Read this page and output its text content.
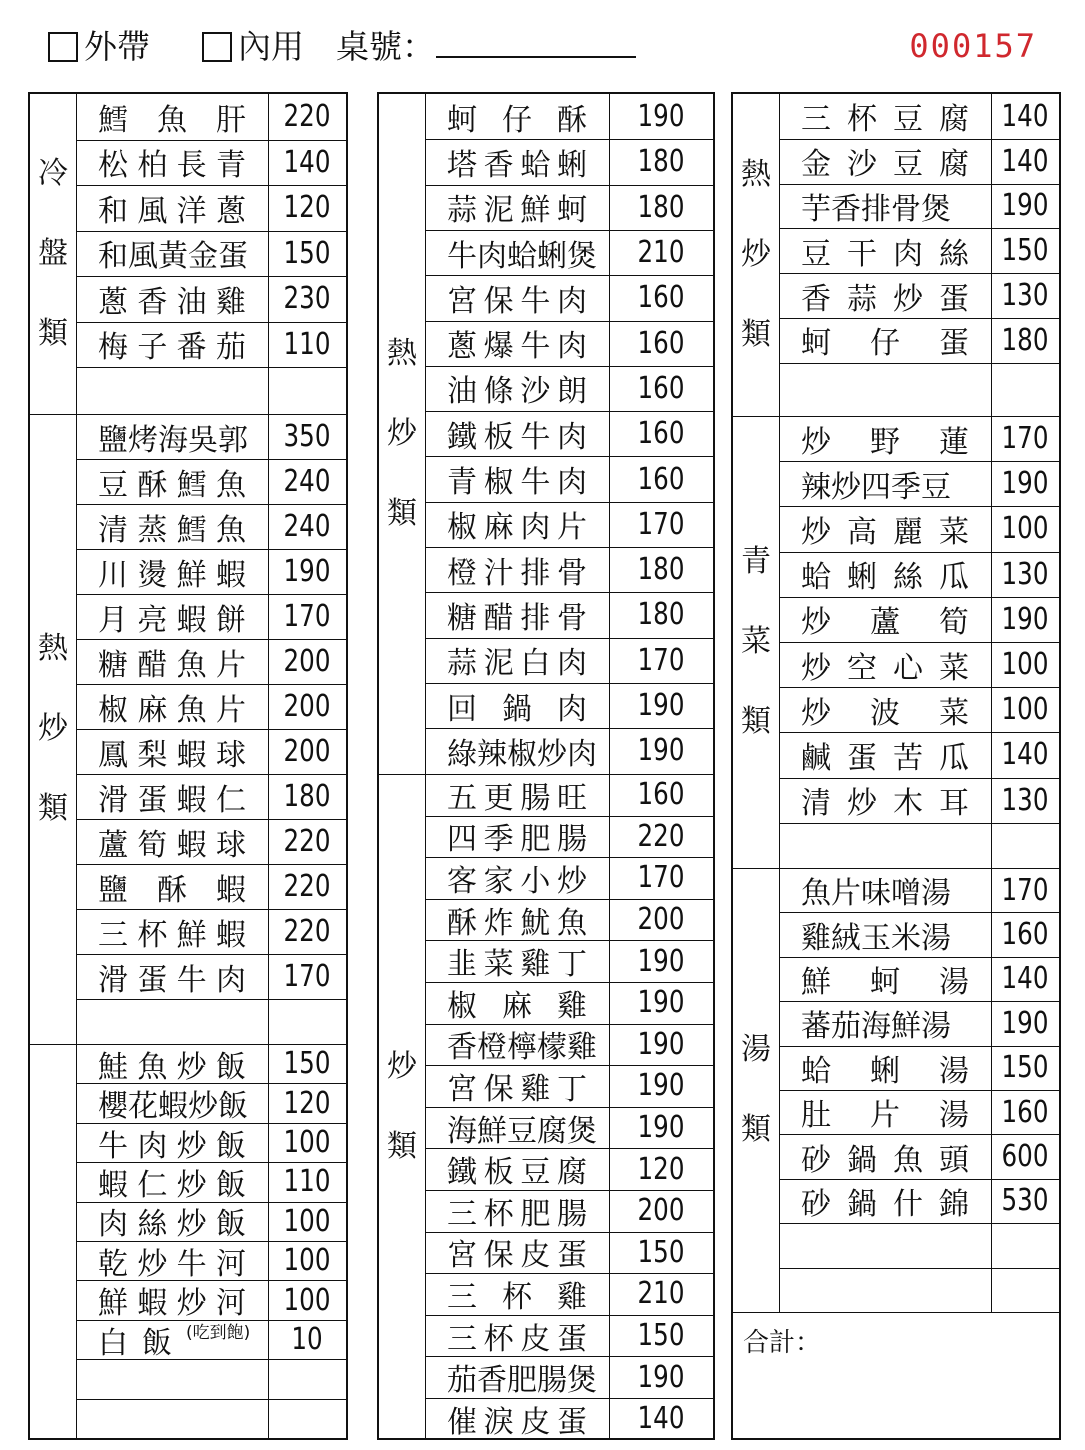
外帶	內用 桌號：	000157
冷
盤
類
鱈 魚 肝 220
松 柏 長 青 140
和 風 洋 蔥 120
和風黃金蛋 150
蔥 香 油 雞 230
梅 子 番 茄 110
熱
炒
類
鹽烤海吳郭 350
豆 酥 鱈 魚 240
清 蒸 鱈 魚 240
川 燙 鮮 蝦 190
月 亮 蝦 餅 170
糖 醋 魚 片 200
椒 麻 魚 片 200
鳳 梨 蝦 球 200
滑 蛋 蝦 仁 180
蘆 筍 蝦 球 220
鹽 酥 蝦 220
三 杯 鮮 蝦 220
滑 蛋 牛 肉 170
鮭 魚 炒 飯 150
櫻花蝦炒飯 120
牛 肉 炒 飯 100
蝦 仁 炒 飯 110
肉 絲 炒 飯 100
乾 炒 牛 河 100
鮮 蝦 炒 河 100
白飯 (吃到飽)	10
熱
炒
類
蚵 仔 酥	190
塔 香 蛤 蜊	180
蒜 泥 鮮 蚵	180
牛肉蛤蜊煲	210
宮 保 牛 肉	160
蔥 爆 牛 肉	160
油 條 沙 朗	160
鐵 板 牛 肉	160
青 椒 牛 肉	160
椒 麻 肉 片	170
橙 汁 排 骨	180
糖 醋 排 骨	180
蒜 泥 白 肉	170
回 鍋 肉	190
綠辣椒炒肉	190
炒
類
五 更 腸 旺	160
四 季 肥 腸	220
客 家 小 炒	170
酥 炸 魷 魚	200
韭 菜 雞 丁	190
椒 麻 雞	190
香橙檸檬雞	190
宮 保 雞 丁	190
海鮮豆腐煲	190
鐵 板 豆 腐	120
三 杯 肥 腸	200
宮 保 皮 蛋	150
三 杯 雞	210
三 杯 皮 蛋	150
茄香肥腸煲	190
催 淚 皮 蛋	140
熱
炒
類
三 杯 豆 腐 140
金 沙 豆 腐 140
芋香排骨煲 190
豆 干 肉 絲 150
香 蒜 炒 蛋 130
蚵 仔 蛋 180
青
菜
類
炒 野 蓮 170
辣炒四季豆 190
炒 高 麗 菜 100
蛤 蜊 絲 瓜 130
炒 蘆 筍 190
炒 空 心 菜 100
炒 波 菜 100
鹹 蛋 苦 瓜 140
清 炒 木 耳 130
湯
類
魚片味噌湯 170
雞絨玉米湯 160
鮮 蚵 湯 140
蕃茄海鮮湯 190
蛤 蜊 湯 150
肚 片 湯 160
砂 鍋 魚 頭 600
砂 鍋 什 錦 530
合計：
